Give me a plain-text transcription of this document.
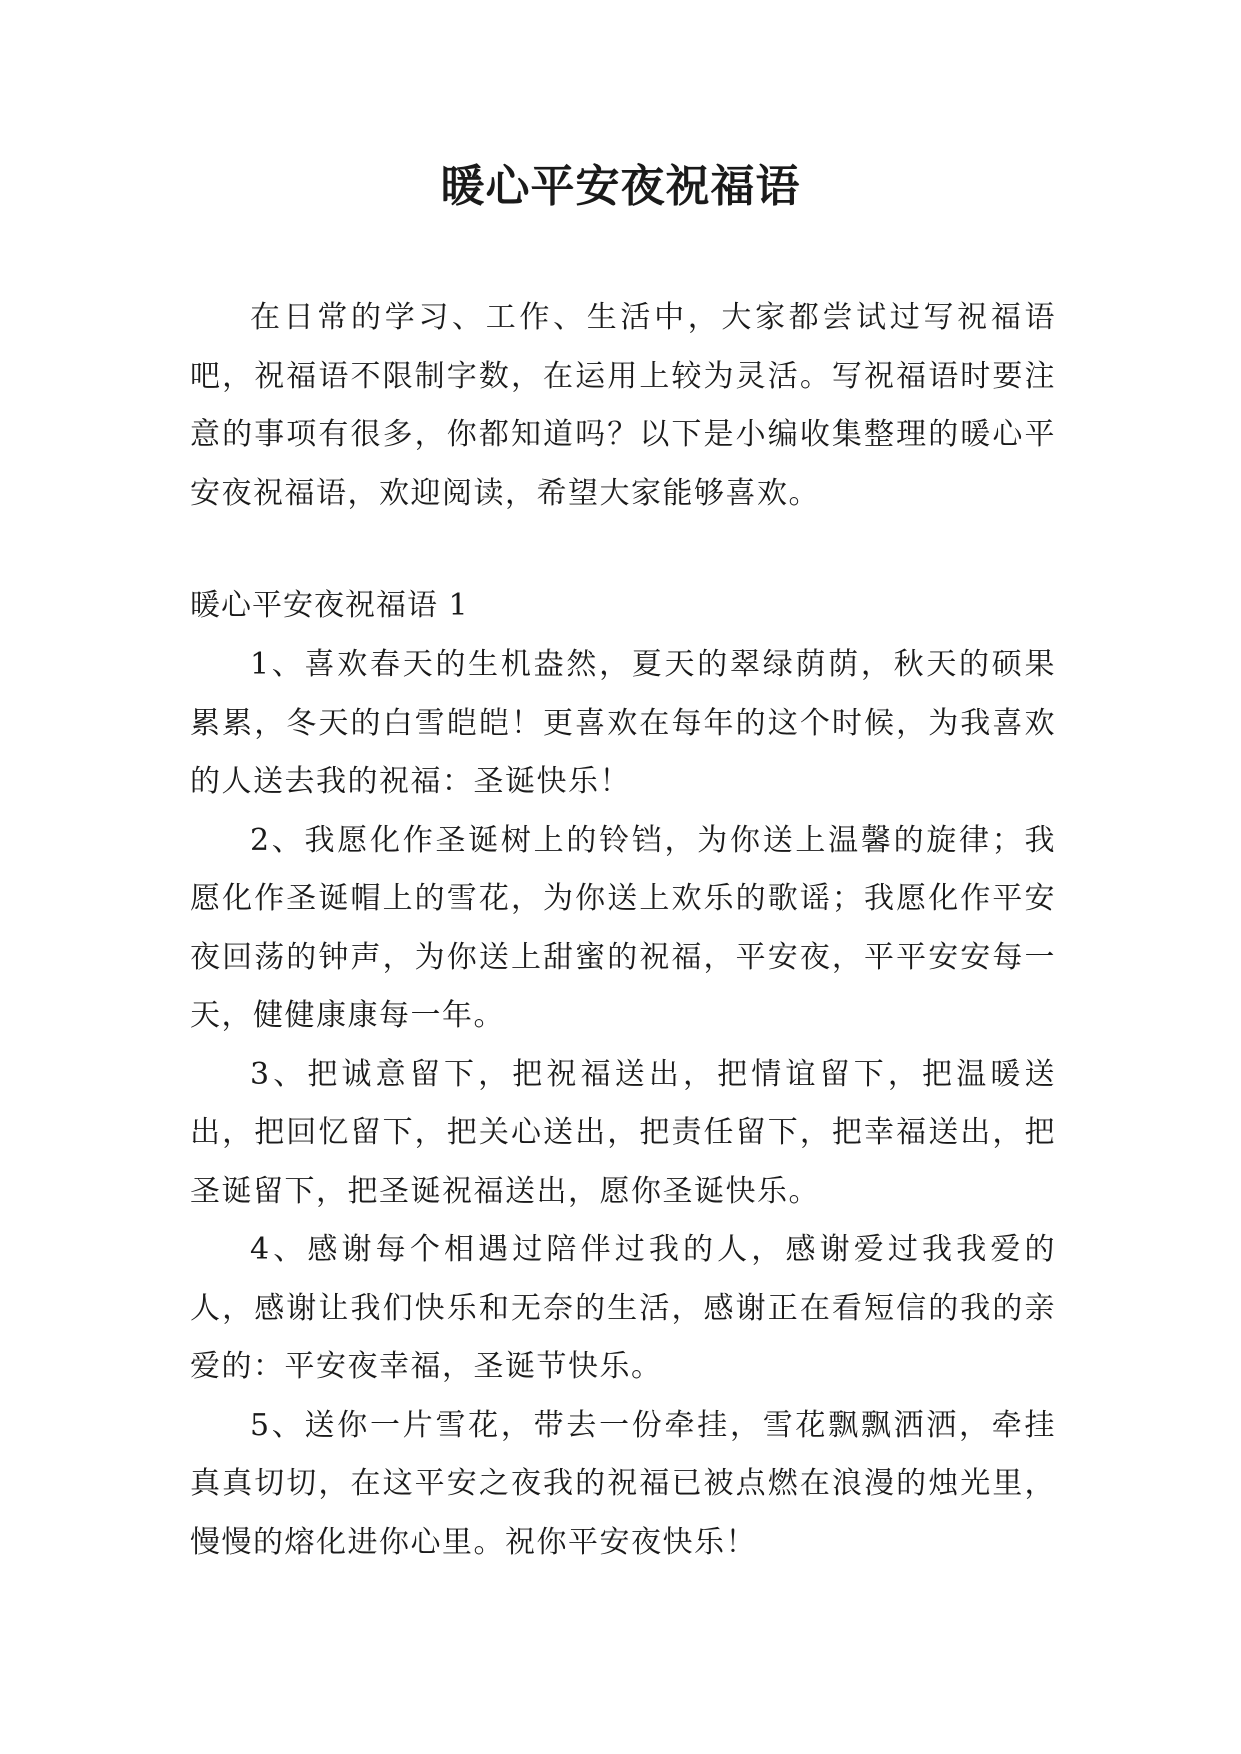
暖心平安夜祝福语

在日常的学习、工作、生活中，大家都尝试过写祝福语吧，祝福语不限制字数，在运用上较为灵活。写祝福语时要注意的事项有很多，你都知道吗？以下是小编收集整理的暖心平安夜祝福语，欢迎阅读，希望大家能够喜欢。

暖心平安夜祝福语 1

1、喜欢春天的生机盎然，夏天的翠绿荫荫，秋天的硕果累累，冬天的白雪皑皑！更喜欢在每年的这个时候，为我喜欢的人送去我的祝福：圣诞快乐！

2、我愿化作圣诞树上的铃铛，为你送上温馨的旋律；我愿化作圣诞帽上的雪花，为你送上欢乐的歌谣；我愿化作平安夜回荡的钟声，为你送上甜蜜的祝福，平安夜，平平安安每一天，健健康康每一年。

3、把诚意留下，把祝福送出，把情谊留下，把温暖送出，把回忆留下，把关心送出，把责任留下，把幸福送出，把圣诞留下，把圣诞祝福送出，愿你圣诞快乐。

4、感谢每个相遇过陪伴过我的人，感谢爱过我我爱的人，感谢让我们快乐和无奈的生活，感谢正在看短信的我的亲爱的：平安夜幸福，圣诞节快乐。

5、送你一片雪花，带去一份牵挂，雪花飘飘洒洒，牵挂真真切切，在这平安之夜我的祝福已被点燃在浪漫的烛光里，慢慢的熔化进你心里。祝你平安夜快乐！
